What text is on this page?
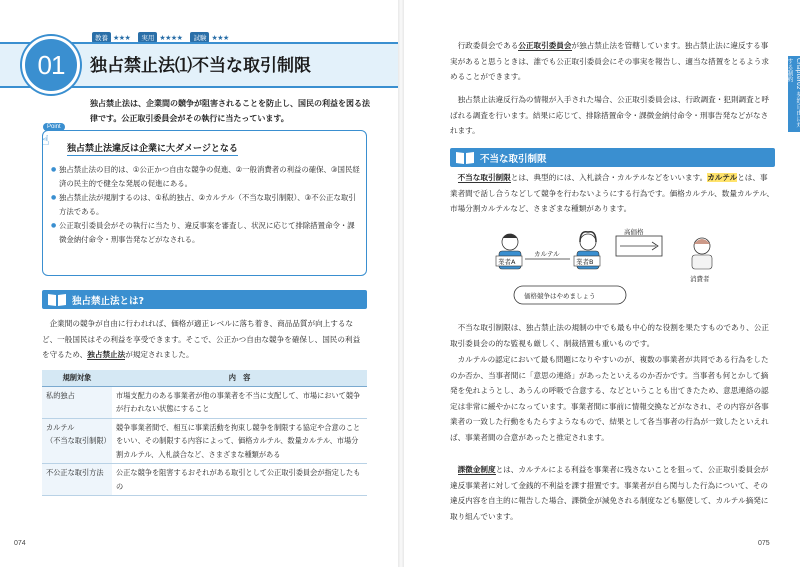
教養 ★★★	実用 ★★★★	試験 ★★★
01	独占禁止法⑴不当な取引制限
独占禁止法は、企業間の競争が阻害されることを防止し、国民の利益を図る法律です。公正取引委員会がその執行に当たっています。
Point
☝ 独占禁止法違反は企業に大ダメージとなる
● 独占禁止法の目的は、①公正かつ自由な競争の促進、②一般消費者の利益の確保、③国民経済の民主的で健全な発展の促進にある。
● 独占禁止法が規制するのは、①私的独占、②カルテル（不当な取引制限）、③不公正な取引方法である。
● 公正取引委員会がその執行に当たり、違反事案を審査し、状況に応じて排除措置命令・課徴金納付命令・刑事告発などがなされる。
独占禁止法とは?

企業間の競争が自由に行われれば、価格が適正レベルに落ち着き、商品品質が向上するなど、一般国民はその利益を享受できます。そこで、公正かつ自由な競争を確保し、国民の利益を守るため、独占禁止法が規定されました。

規制対象	内　容
私的独占	市場支配力のある事業者が他の事業者を不当に支配して、市場において競争が行われない状態にすること
カルテル
（不当な取引制限）	競争事業者間で、相互に事業活動を拘束し競争を制限する協定や合意のことをいい、その制限する内容によって、価格カルテル、数量カルテル、市場分割カルテル、入札談合など、さまざまな種類がある
不公正な取引方法	公正な競争を阻害するおそれがある取引として公正取引委員会が指定したもの
074

行政委員会である公正取引委員会が独占禁止法を管轄しています。独占禁止法に違反する事実があると思うときは、誰でも公正取引委員会にその事実を報告し、適当な措置をとるよう求めることができます。

独占禁止法違反行為の情報が入手された場合、公正取引委員会は、行政調査・犯則調査と呼ばれる調査を行います。結果に応じて、排除措置命令・課徴金納付命令・刑事告発などがなされます。

不当な取引制限

不当な取引制限とは、典型的には、入札談合・カルテルなどをいいます。カルテルとは、事業者間で話し合うなどして競争を行わないようにする行為です。価格カルテル、数量カルテル、市場分割カルテルなど、さまざまな種類があります。

業者A	業者B
カルテル
高価格
消費者
価格競争はやめましょう

不当な取引制限は、独占禁止法の規制の中でも最も中心的な役割を果たすものであり、公正取引委員会の的な監視も厳しく、制裁措置も重いものです。

カルテルの認定において最も問題になりやすいのが、複数の事業者が共同である行為をしたのか否か、当事者間に「意思の連絡」があったといえるのか否かです。当事者も何とかして摘発を免れようとし、あうんの呼吸で合意する、などということも出てきたため、意思連絡の認定は非常に緩やかになっています。事業者間に事前に情報交換などがなされ、その内容が各事業者の一致した行動をもたらすようなもので、結果として各当事者の行為が一致したといえれば、事業者間の合意があったと推定されます。

課徴金制度とは、カルテルによる利益を事業者に残さないことを狙って、公正取引委員会が違反事業者に対して金銭的不利益を課す措置です。事業者が自ら関与した行為について、その違反内容を自主的に報告した場合、課徴金が減免される制度なども駆使して、カルテル摘発に取り組んでいます。

Chapter02 契約自由に対する制約
075
